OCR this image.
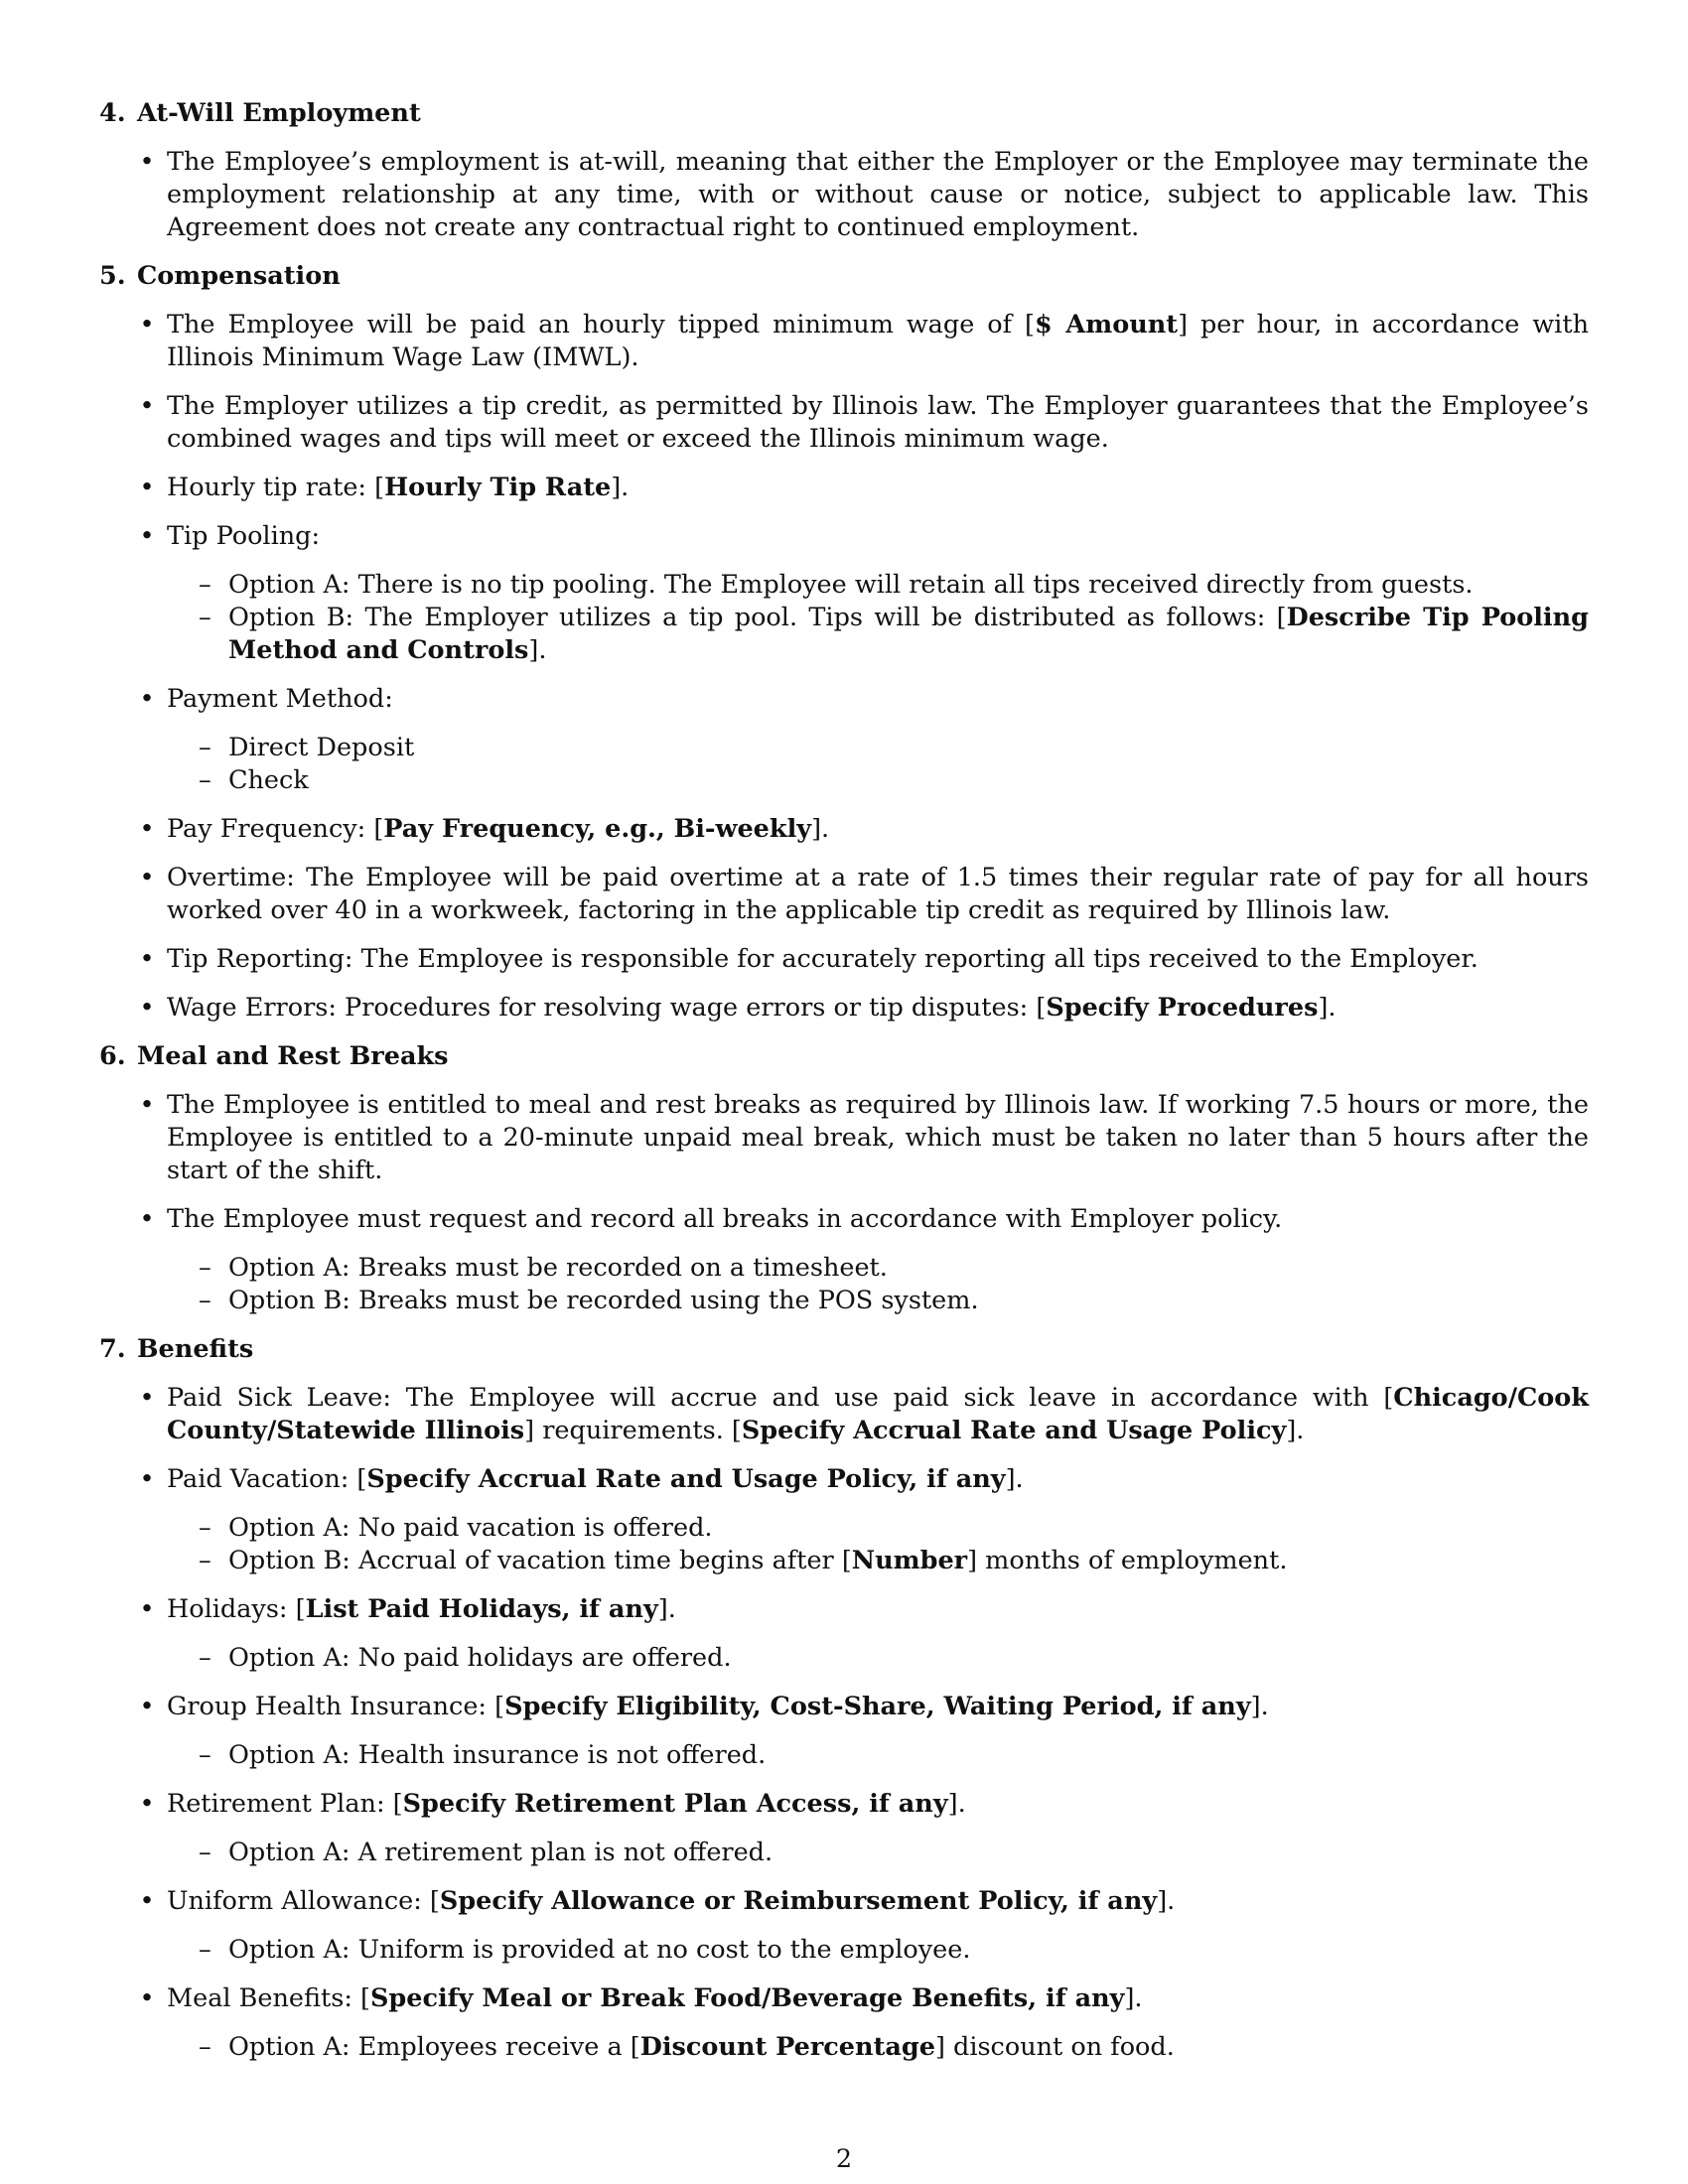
4. At-Will Employment
• The Employee’s employment is at-will, meaning that either the Employer or the Employee may terminate the employment relationship at any time, with or without cause or notice, subject to applicable law. This Agreement does not create any contractual right to continued employment.
5. Compensation
• The Employee will be paid an hourly tipped minimum wage of [$ Amount] per hour, in accordance with Illinois Minimum Wage Law (IMWL).
• The Employer utilizes a tip credit, as permitted by Illinois law. The Employer guarantees that the Employee’s combined wages and tips will meet or exceed the Illinois minimum wage.
• Hourly tip rate: [Hourly Tip Rate].
• Tip Pooling:
– Option A: There is no tip pooling. The Employee will retain all tips received directly from guests.
– Option B: The Employer utilizes a tip pool. Tips will be distributed as follows: [Describe Tip Pooling Method and Controls].
• Payment Method:
– Direct Deposit
– Check
• Pay Frequency: [Pay Frequency, e.g., Bi-weekly].
• Overtime: The Employee will be paid overtime at a rate of 1.5 times their regular rate of pay for all hours worked over 40 in a workweek, factoring in the applicable tip credit as required by Illinois law.
• Tip Reporting: The Employee is responsible for accurately reporting all tips received to the Employer.
• Wage Errors: Procedures for resolving wage errors or tip disputes: [Specify Procedures].
6. Meal and Rest Breaks
• The Employee is entitled to meal and rest breaks as required by Illinois law. If working 7.5 hours or more, the Employee is entitled to a 20-minute unpaid meal break, which must be taken no later than 5 hours after the start of the shift.
• The Employee must request and record all breaks in accordance with Employer policy.
– Option A: Breaks must be recorded on a timesheet.
– Option B: Breaks must be recorded using the POS system.
7. Benefits
• Paid Sick Leave: The Employee will accrue and use paid sick leave in accordance with [Chicago/Cook County/Statewide Illinois] requirements. [Specify Accrual Rate and Usage Policy].
• Paid Vacation: [Specify Accrual Rate and Usage Policy, if any].
– Option A: No paid vacation is offered.
– Option B: Accrual of vacation time begins after [Number] months of employment.
• Holidays: [List Paid Holidays, if any].
– Option A: No paid holidays are offered.
• Group Health Insurance: [Specify Eligibility, Cost-Share, Waiting Period, if any].
– Option A: Health insurance is not offered.
• Retirement Plan: [Specify Retirement Plan Access, if any].
– Option A: A retirement plan is not offered.
• Uniform Allowance: [Specify Allowance or Reimbursement Policy, if any].
– Option A: Uniform is provided at no cost to the employee.
• Meal Benefits: [Specify Meal or Break Food/Beverage Benefits, if any].
– Option A: Employees receive a [Discount Percentage] discount on food.
2
